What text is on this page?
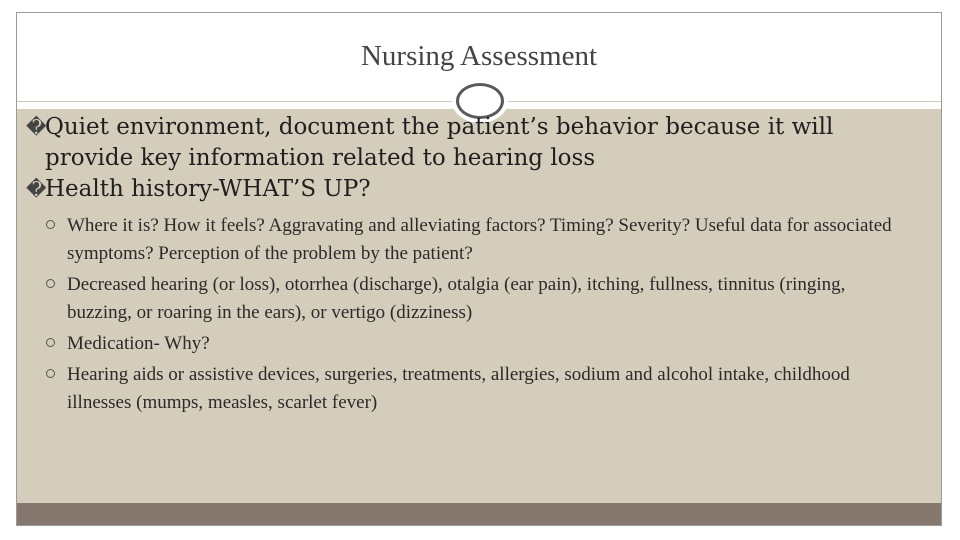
Nursing Assessment

�
Quiet environment, document the patient’s behavior because it will provide key information related to hearing loss

�
Health history-WHAT’S UP?

Where it is? How it feels? Aggravating and alleviating factors? Timing? Severity? Useful data for associated symptoms? Perception of the problem by the patient?
Decreased hearing (or loss), otorrhea (discharge), otalgia (ear pain), itching, fullness, tinnitus (ringing, buzzing, or roaring in the ears), or vertigo (dizziness)
Medication- Why?
Hearing aids or assistive devices, surgeries, treatments, allergies, sodium and alcohol intake, childhood illnesses (mumps, measles, scarlet fever)
